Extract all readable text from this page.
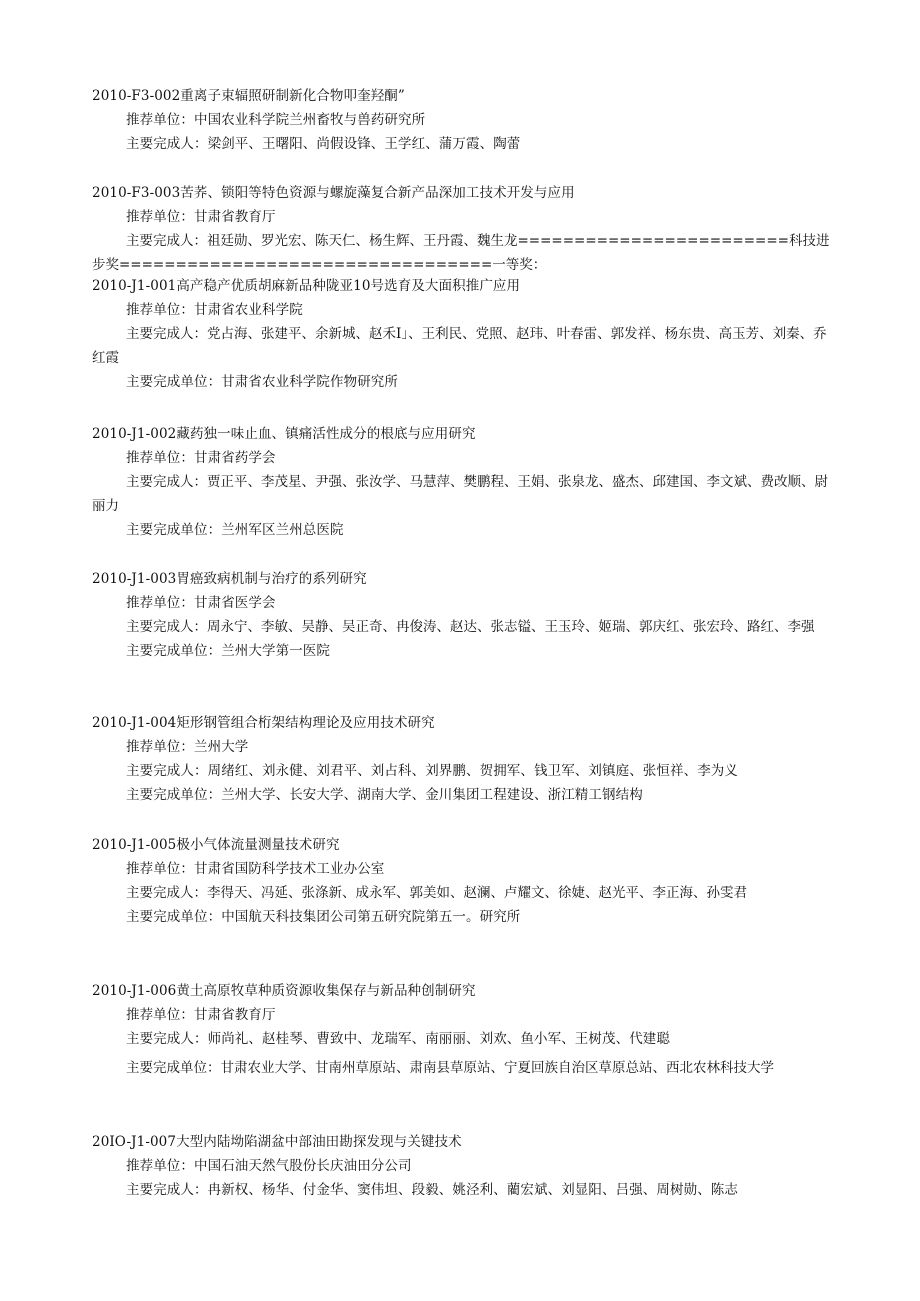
2010-F3-002重离子束辐照研制新化合物叩奎羟酮”
推荐单位：中国农业科学院兰州畜牧与兽药研究所
主要完成人：梁剑平、王曙阳、尚假设锋、王学红、蒲万霞、陶蕾
2010-F3-003苦荞、锁阳等特色资源与螺旋藻复合新产品深加工技术开发与应用
推荐单位：甘肃省教育厅
主要完成人：祖廷勋、罗光宏、陈天仁、杨生辉、王丹霞、魏生龙========================科技进步奖=================================一等奖：
2010-J1-001高产稳产优质胡麻新品种陇亚10号选育及大面积推广应用
推荐单位：甘肃省农业科学院
主要完成人：党占海、张建平、余新城、赵禾I」、王利民、党照、赵玮、叶春雷、郭发祥、杨东贵、高玉芳、刘秦、乔红霞
主要完成单位：甘肃省农业科学院作物研究所
2010-J1-002藏药独一味止血、镇痛活性成分的根底与应用研究
推荐单位：甘肃省药学会
主要完成人：贾正平、李茂星、尹强、张汝学、马慧萍、樊鹏程、王娟、张泉龙、盛杰、邱建国、李文斌、费改顺、尉丽力
主要完成单位：兰州军区兰州总医院
2010-J1-003胃癌致病机制与治疗的系列研究
推荐单位：甘肃省医学会
主要完成人：周永宁、李敏、吴静、吴正奇、冉俊涛、赵达、张志镒、王玉玲、姬瑞、郭庆红、张宏玲、路红、李强
主要完成单位：兰州大学第一医院
2010-J1-004矩形钢管组合桁架结构理论及应用技术研究
推荐单位：兰州大学
主要完成人：周绪红、刘永健、刘君平、刘占科、刘界鹏、贺拥军、钱卫军、刘镇庭、张恒祥、李为义
主要完成单位：兰州大学、长安大学、湖南大学、金川集团工程建设、浙江精工钢结构
2010-J1-005极小气体流量测量技术研究
推荐单位：甘肃省国防科学技术工业办公室
主要完成人：李得天、冯延、张涤新、成永军、郭美如、赵澜、卢耀文、徐婕、赵光平、李正海、孙雯君
主要完成单位：中国航天科技集团公司第五研究院第五一。研究所
2010-J1-006黄土高原牧草种质资源收集保存与新品种创制研究
推荐单位：甘肃省教育厅
主要完成人：师尚礼、赵桂琴、曹致中、龙瑞军、南丽丽、刘欢、鱼小军、王树茂、代建聪
主要完成单位：甘肃农业大学、甘南州草原站、肃南县草原站、宁夏回族自治区草原总站、西北农林科技大学
20IO-J1-007大型内陆坳陷湖盆中部油田勘探发现与关键技术
推荐单位：中国石油天然气股份长庆油田分公司
主要完成人：冉新权、杨华、付金华、窦伟坦、段毅、姚泾利、藺宏斌、刘显阳、吕强、周树勋、陈志
